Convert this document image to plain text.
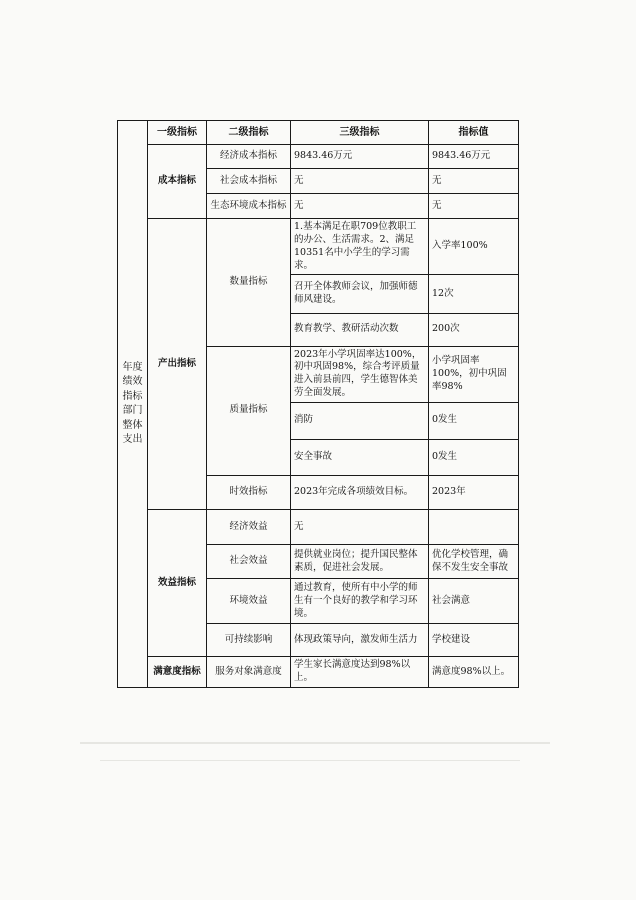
年度绩效指标部门整体支出	一级指标	二级指标	三级指标	指标值
	成本指标	经济成本指标	9843.46万元	9843.46万元
		社会成本指标	无	无
		生态环境成本指标	无	无
	产出指标	数量指标	1.基本满足在职709位教职工的办公、生活需求。2、满足10351名中小学生的学习需求。	入学率100%
			召开全体教师会议，加强师德师风建设。	12次
			教育教学、教研活动次数	200次
		质量指标	2023年小学巩固率达100%，初中巩固98%，综合考评质量进入前县前四，学生德智体美劳全面发展。	小学巩固率100%，初中巩固率98%
			消防	0发生
			安全事故	0发生
		时效指标	2023年完成各项绩效目标。	2023年
	效益指标	经济效益	无	
		社会效益	提供就业岗位；提升国民整体素质，促进社会发展。	优化学校管理，确保不发生安全事故
		环境效益	通过教育，使所有中小学的师生有一个良好的教学和学习环境。	社会满意
		可持续影响	体现政策导向，激发师生活力	学校建设
	满意度指标	服务对象满意度	学生家长满意度达到98%以上。	满意度98%以上。
